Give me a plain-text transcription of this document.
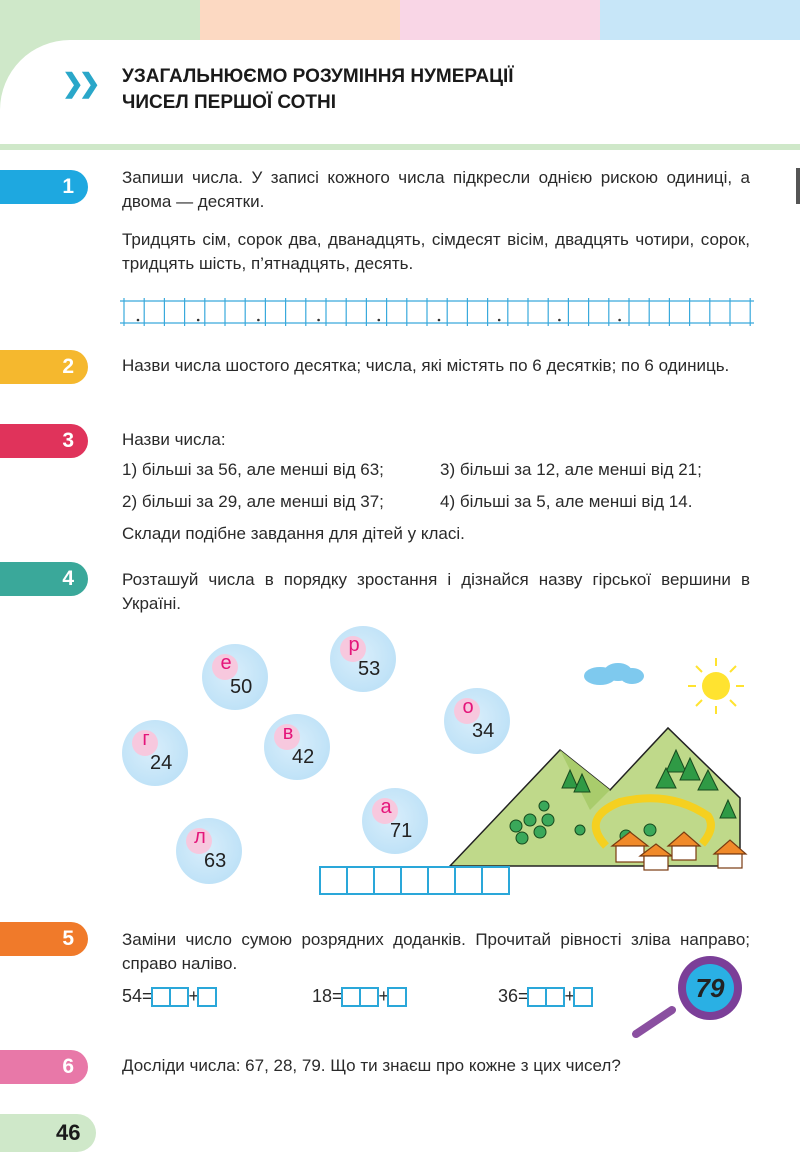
❯❯ УЗАГАЛЬНЮЄМО РОЗУМІННЯ НУМЕРАЦІЇ
ЧИСЕЛ ПЕРШОЇ СОТНІ
1	Запиши числа. У записі кожного числа підкресли однією рискою одиниці, а двома — десятки.
Тридцять сім, сорок два, дванадцять, сімдесят вісім, двадцять чотири, сорок, тридцять шість, п’ятнадцять, десять.
2	Назви числа шостого десятка; числа, які містять по 6 десятків; по 6 одиниць.
3	Назви числа:
1) більші за 56, але менші від 63;	3) більші за 12, але менші від 21;
2) більші за 29, але менші від 37;	4) більші за 5, але менші від 14.
Склади подібне завдання для дітей у класі.
4	Розташуй числа в порядку зростання і дізнайся назву гірської вершини в Україні.
е
50
р
53
о
34
г
24
в
42
а
71
л
63
5	Заміни число сумою розрядних доданків. Прочитай рівності зліва направо; справо наліво.
54 = +	18 = +	36 = +	79
6	Досліди числа: 67, 28, 79. Що ти знаєш про кожне з цих чисел?
46
